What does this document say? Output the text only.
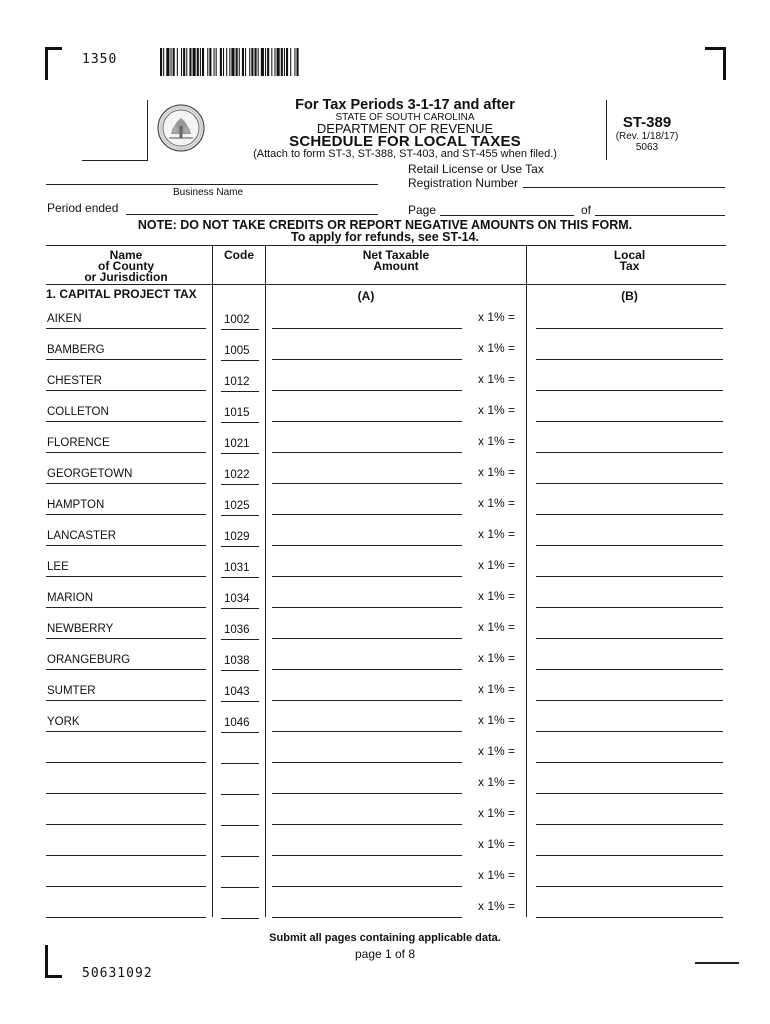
1350
50631092
For Tax Periods 3-1-17 and after
STATE OF SOUTH CAROLINA
DEPARTMENT OF REVENUE
SCHEDULE FOR LOCAL TAXES
(Attach to form ST-3, ST-388, ST-403, and ST-455 when filed.)
ST-389
(Rev. 1/18/17)
5063
Business Name
Retail License or Use Tax
Registration Number
Period ended	Page	of
NOTE: DO NOT TAKE CREDITS OR REPORT NEGATIVE AMOUNTS ON THIS FORM.
To apply for refunds, see ST-14.
Name
of County
or Jurisdiction
Code	Net Taxable
Amount
Local
Tax
1. CAPITAL PROJECT TAX	(A)	(B)
AIKEN	1002	x 1% =
BAMBERG	1005	x 1% =
CHESTER	1012	x 1% =
COLLETON	1015	x 1% =
FLORENCE	1021	x 1% =
GEORGETOWN	1022	x 1% =
HAMPTON	1025	x 1% =
LANCASTER	1029	x 1% =
LEE	1031	x 1% =
MARION	1034	x 1% =
NEWBERRY	1036	x 1% =
ORANGEBURG	1038	x 1% =
SUMTER	1043	x 1% =
YORK	1046	x 1% =
x 1% =
x 1% =
x 1% =
x 1% =
x 1% =
x 1% =
Submit all pages containing applicable data.
page 1 of 8
